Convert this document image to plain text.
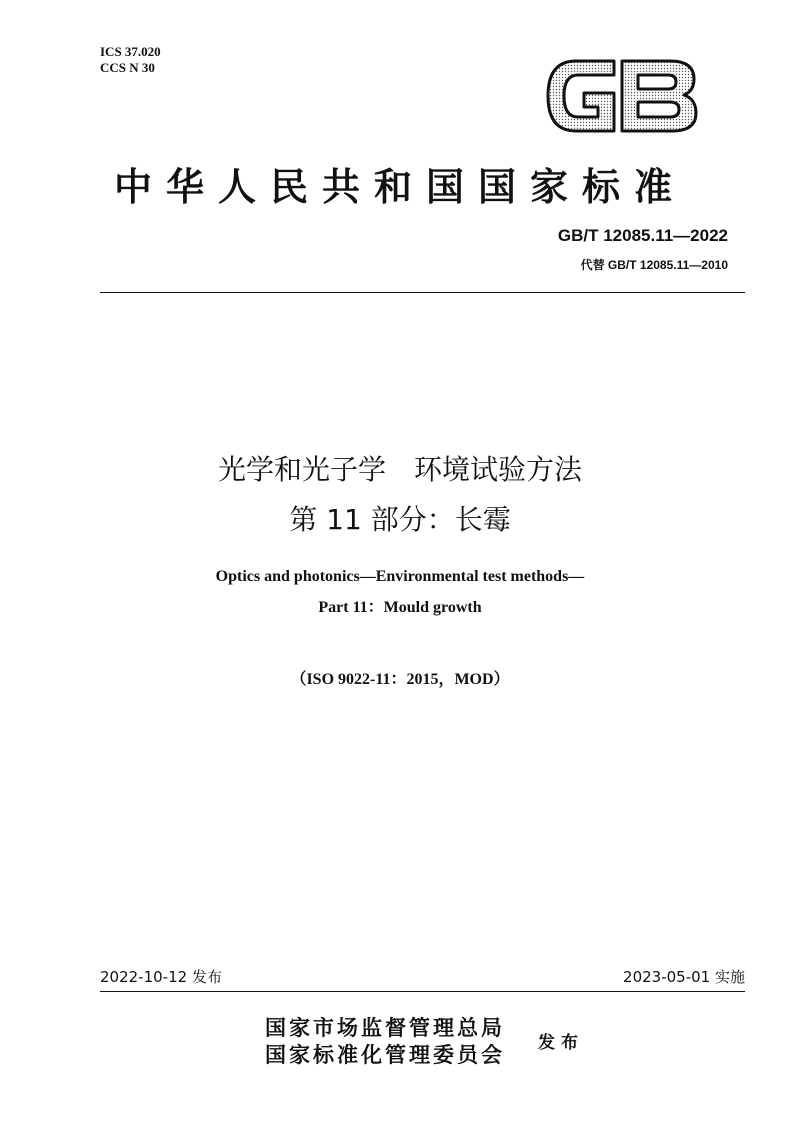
ICS 37.020
CCS N 30
中华人民共和国国家标准
GB/T 12085.11—2022
代替 GB/T 12085.11—2010
光学和光子学　环境试验方法
第 11 部分：长霉
Optics and photonics—Environmental test methods—
Part 11：Mould growth
（ISO 9022-11：2015，MOD）
2022-10-12 发布	2023-05-01 实施
国家市场监督管理总局
国家标准化管理委员会 发布
